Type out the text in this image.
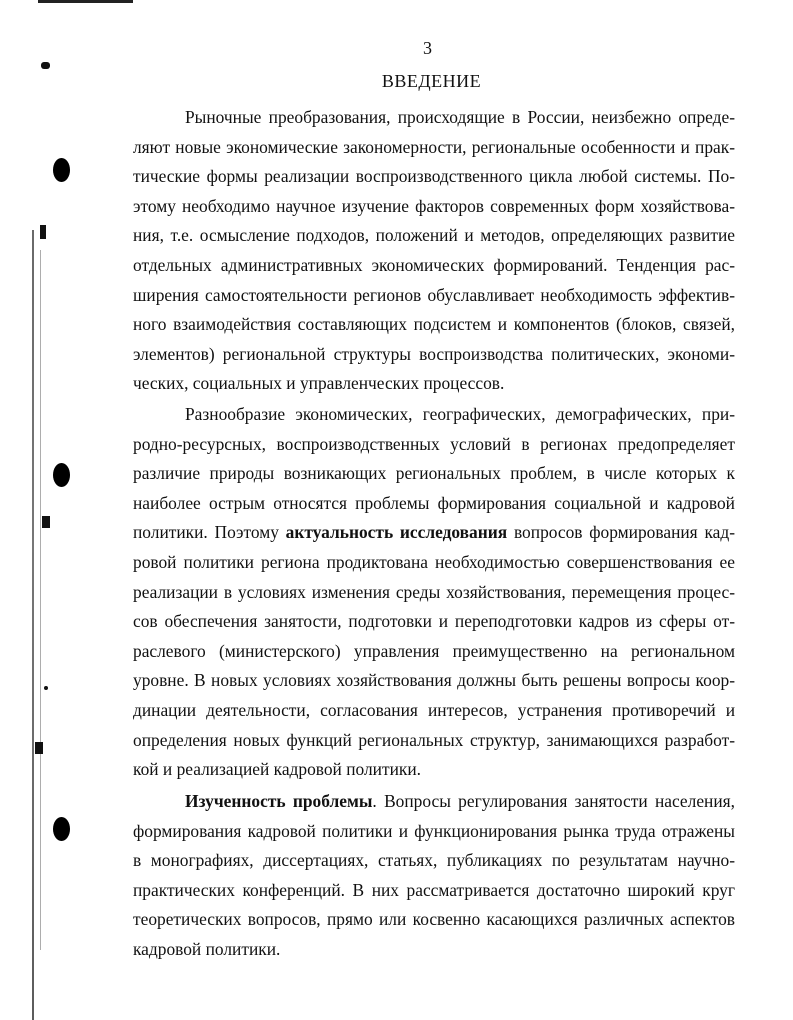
3
ВВЕДЕНИЕ
Рыночные преобразования, происходящие в России, неизбежно опреде-
ляют новые экономические закономерности, региональные особенности и прак-
тические формы реализации воспроизводственного цикла любой системы. По-
этому необходимо научное изучение факторов современных форм хозяйствова-
ния, т.е. осмысление подходов, положений и методов, определяющих развитие
отдельных административных экономических формирований. Тенденция рас-
ширения самостоятельности регионов обуславливает необходимость эффектив-
ного взаимодействия составляющих подсистем и компонентов (блоков, связей,
элементов) региональной структуры воспроизводства политических, экономи-
ческих, социальных и управленческих процессов.
Разнообразие экономических, географических, демографических, при-
родно-ресурсных, воспроизводственных условий в регионах предопределяет
различие природы возникающих региональных проблем, в числе которых к
наиболее острым относятся проблемы формирования социальной и кадровой
политики. Поэтому актуальность исследования вопросов формирования кад-
ровой политики региона продиктована необходимостью совершенствования ее
реализации в условиях изменения среды хозяйствования, перемещения процес-
сов обеспечения занятости, подготовки и переподготовки кадров из сферы от-
раслевого (министерского) управления преимущественно на региональном
уровне. В новых условиях хозяйствования должны быть решены вопросы коор-
динации деятельности, согласования интересов, устранения противоречий и
определения новых функций региональных структур, занимающихся разработ-
кой и реализацией кадровой политики.
Изученность проблемы. Вопросы регулирования занятости населения,
формирования кадровой политики и функционирования рынка труда отражены
в монографиях, диссертациях, статьях, публикациях по результатам научно-
практических конференций. В них рассматривается достаточно широкий круг
теоретических вопросов, прямо или косвенно касающихся различных аспектов
кадровой политики.
